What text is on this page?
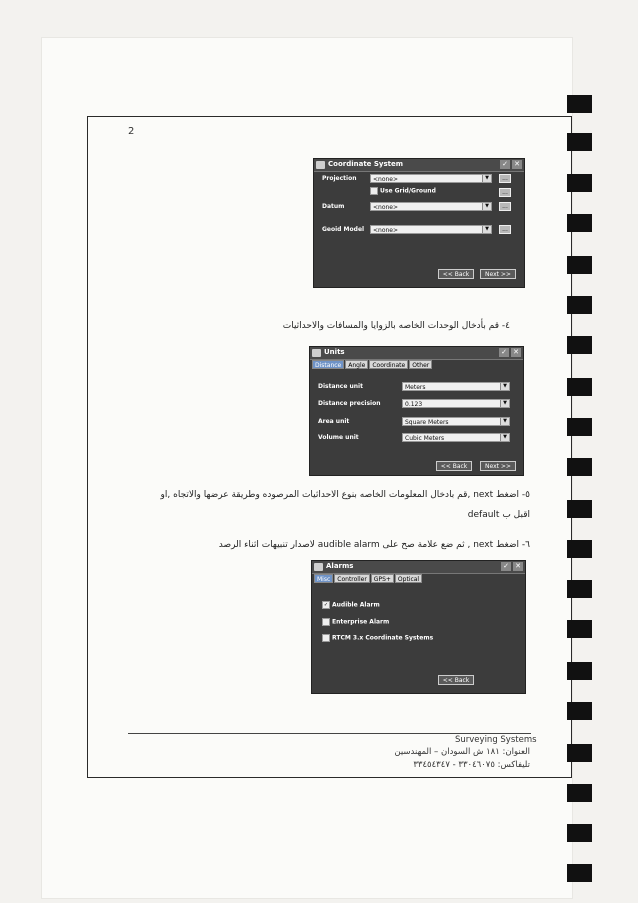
2
Coordinate System	✓ ✕
Projection	<none>	▼	...
Use Grid/Ground	...
Datum	<none>	▼	...
Geoid Model	<none>	▼	...
<< Back	Next >>
٤- قم بأدخال الوحدات الخاصه بالزوايا والمسافات والاحداثيات
Units	✓ ✕
Distance Angle Coordinate Other
Distance unit	Meters	▼
Distance precision	0.123	▼
Area unit	Square Meters	▼
Volume unit	Cubic Meters	▼
<< Back	Next >>
٥- اضغط next ,قم بادخال المعلومات الخاصه بنوع الاحداثيات المرصوده وطريقة عرضها والاتجاه ,او
اقبل ب default
٦- اضغط next , ثم ضع علامة صح على audible alarm لاصدار تنبيهات اثناء الرصد
Alarms	✓ ✕
Misc Controller GPS+ Optical
✓ Audible Alarm
Enterprise Alarm
RTCM 3.x Coordinate Systems
<< Back
Surveying Systems
العنوان: ١٨١ ش السودان – المهندسين
تليفاكس: ٣٣٠٤٦٠٧٥ - ٣٣٤٥٤٣٤٧
